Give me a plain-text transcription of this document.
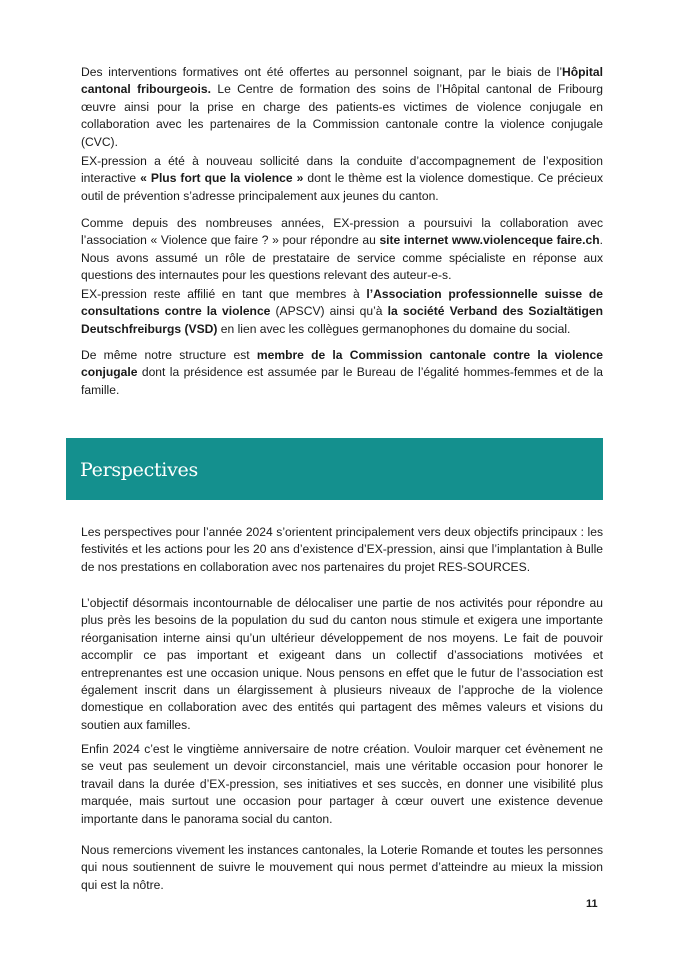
Des interventions formatives ont été offertes au personnel soignant, par le biais de l’Hôpital cantonal fribourgeois. Le Centre de formation des soins de l’Hôpital cantonal de Fribourg œuvre ainsi pour la prise en charge des patients-es victimes de violence conjugale en collaboration avec les partenaires de la Commission cantonale contre la violence conjugale (CVC).

EX-pression a été à nouveau sollicité dans la conduite d’accompagnement de l’exposition interactive « Plus fort que la violence » dont le thème est la violence domestique. Ce précieux outil de prévention s’adresse principalement aux jeunes du canton.

Comme depuis des nombreuses années, EX-pression a poursuivi la collaboration avec l’association « Violence que faire ? » pour répondre au site internet www.violenceque faire.ch. Nous avons assumé un rôle de prestataire de service comme spécialiste en réponse aux questions des internautes pour les questions relevant des auteur-e-s.

EX-pression reste affilié en tant que membres à l’Association professionnelle suisse de consultations contre la violence (APSCV) ainsi qu’à la société Verband des Sozialtätigen Deutschfreiburgs (VSD) en lien avec les collègues germanophones du domaine du social.

De même notre structure est membre de la Commission cantonale contre la violence conjugale dont la présidence est assumée par le Bureau de l’égalité hommes-femmes et de la famille.

Perspectives

Les perspectives pour l’année 2024 s’orientent principalement vers deux objectifs principaux : les festivités et les actions pour les 20 ans d’existence d’EX-pression, ainsi que l’implantation à Bulle de nos prestations en collaboration avec nos partenaires du projet RES-SOURCES.

L’objectif désormais incontournable de délocaliser une partie de nos activités pour répondre au plus près les besoins de la population du sud du canton nous stimule et exigera une importante réorganisation interne ainsi qu’un ultérieur développement de nos moyens. Le fait de pouvoir accomplir ce pas important et exigeant dans un collectif d’associations motivées et entreprenantes est une occasion unique. Nous pensons en effet que le futur de l’association est également inscrit dans un élargissement à plusieurs niveaux de l’approche de la violence domestique en collaboration avec des entités qui partagent des mêmes valeurs et visions du soutien aux familles.

Enfin 2024 c’est le vingtième anniversaire de notre création. Vouloir marquer cet évènement ne se veut pas seulement un devoir circonstanciel, mais une véritable occasion pour honorer le travail dans la durée d’EX-pression, ses initiatives et ses succès, en donner une visibilité plus marquée, mais surtout une occasion pour partager à cœur ouvert une existence devenue importante dans le panorama social du canton.

Nous remercions vivement les instances cantonales, la Loterie Romande et toutes les personnes qui nous soutiennent de suivre le mouvement qui nous permet d’atteindre au mieux la mission qui est la nôtre.

11
